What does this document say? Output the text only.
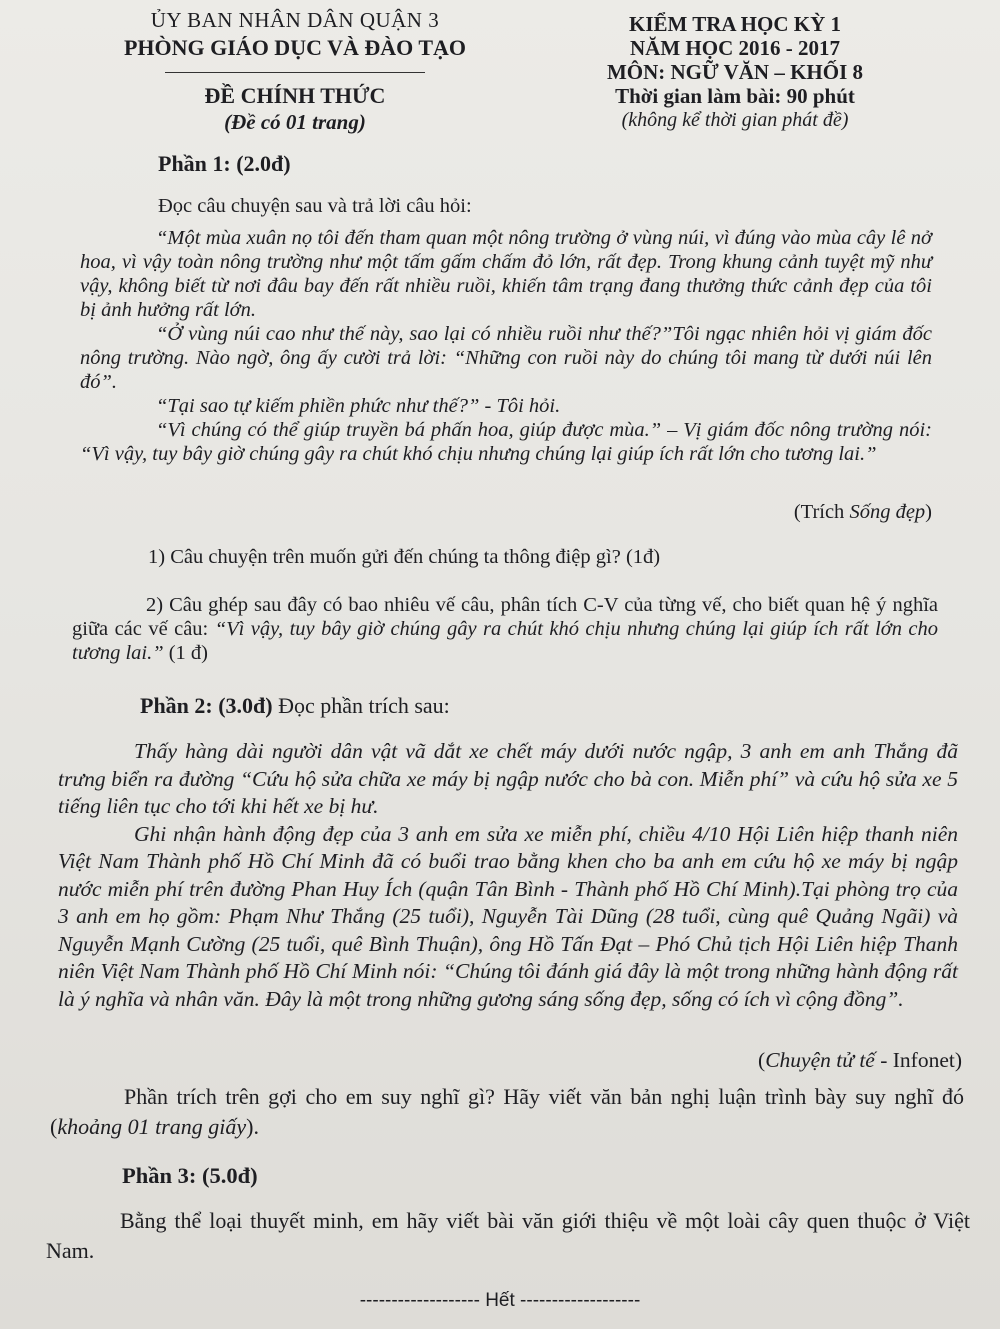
ỦY BAN NHÂN DÂN QUẬN 3
PHÒNG GIÁO DỤC VÀ ĐÀO TẠO
ĐỀ CHÍNH THỨC
(Đề có 01 trang)
KIỂM TRA HỌC KỲ 1
NĂM HỌC 2016 - 2017
MÔN: NGỮ VĂN – KHỐI 8
Thời gian làm bài: 90 phút
(không kể thời gian phát đề)
Phần 1: (2.0đ)
Đọc câu chuyện sau và trả lời câu hỏi:

“Một mùa xuân nọ tôi đến tham quan một nông trường ở vùng núi, vì đúng vào mùa cây lê nở hoa, vì vậy toàn nông trường như một tấm gấm chấm đỏ lớn, rất đẹp. Trong khung cảnh tuyệt mỹ như vậy, không biết từ nơi đâu bay đến rất nhiều ruồi, khiến tâm trạng đang thưởng thức cảnh đẹp của tôi bị ảnh hưởng rất lớn.

“Ở vùng núi cao như thế này, sao lại có nhiều ruồi như thế?”Tôi ngạc nhiên hỏi vị giám đốc nông trường. Nào ngờ, ông ấy cười trả lời: “Những con ruồi này do chúng tôi mang từ dưới núi lên đó”.

“Tại sao tự kiếm phiền phức như thế?” - Tôi hỏi.

“Vì chúng có thể giúp truyền bá phấn hoa, giúp được mùa.” – Vị giám đốc nông trường nói: “Vì vậy, tuy bây giờ chúng gây ra chút khó chịu nhưng chúng lại giúp ích rất lớn cho tương lai.”

(Trích Sống đẹp)
1) Câu chuyện trên muốn gửi đến chúng ta thông điệp gì? (1đ)

2) Câu ghép sau đây có bao nhiêu vế câu, phân tích C-V của từng vế, cho biết quan hệ ý nghĩa giữa các vế câu: “Vì vậy, tuy bây giờ chúng gây ra chút khó chịu nhưng chúng lại giúp ích rất lớn cho tương lai.” (1 đ)

Phần 2: (3.0đ) Đọc phần trích sau:

Thấy hàng dài người dân vật vã dắt xe chết máy dưới nước ngập, 3 anh em anh Thắng đã trưng biển ra đường “Cứu hộ sửa chữa xe máy bị ngập nước cho bà con. Miễn phí” và cứu hộ sửa xe 5 tiếng liên tục cho tới khi hết xe bị hư.

Ghi nhận hành động đẹp của 3 anh em sửa xe miễn phí, chiều 4/10 Hội Liên hiệp thanh niên Việt Nam Thành phố Hồ Chí Minh đã có buổi trao bằng khen cho ba anh em cứu hộ xe máy bị ngập nước miễn phí trên đường Phan Huy Ích (quận Tân Bình - Thành phố Hồ Chí Minh).Tại phòng trọ của 3 anh em họ gồm: Phạm Như Thắng (25 tuổi), Nguyễn Tài Dũng (28 tuổi, cùng quê Quảng Ngãi) và Nguyễn Mạnh Cường (25 tuổi, quê Bình Thuận), ông Hồ Tấn Đạt – Phó Chủ tịch Hội Liên hiệp Thanh niên Việt Nam Thành phố Hồ Chí Minh nói: “Chúng tôi đánh giá đây là một trong những hành động rất là ý nghĩa và nhân văn. Đây là một trong những gương sáng sống đẹp, sống có ích vì cộng đồng”.

(Chuyện tử tế - Infonet)

Phần trích trên gợi cho em suy nghĩ gì? Hãy viết văn bản nghị luận trình bày suy nghĩ đó (khoảng 01 trang giấy).

Phần 3: (5.0đ)

Bằng thể loại thuyết minh, em hãy viết bài văn giới thiệu về một loài cây quen thuộc ở Việt Nam.

------------------- Hết -------------------
